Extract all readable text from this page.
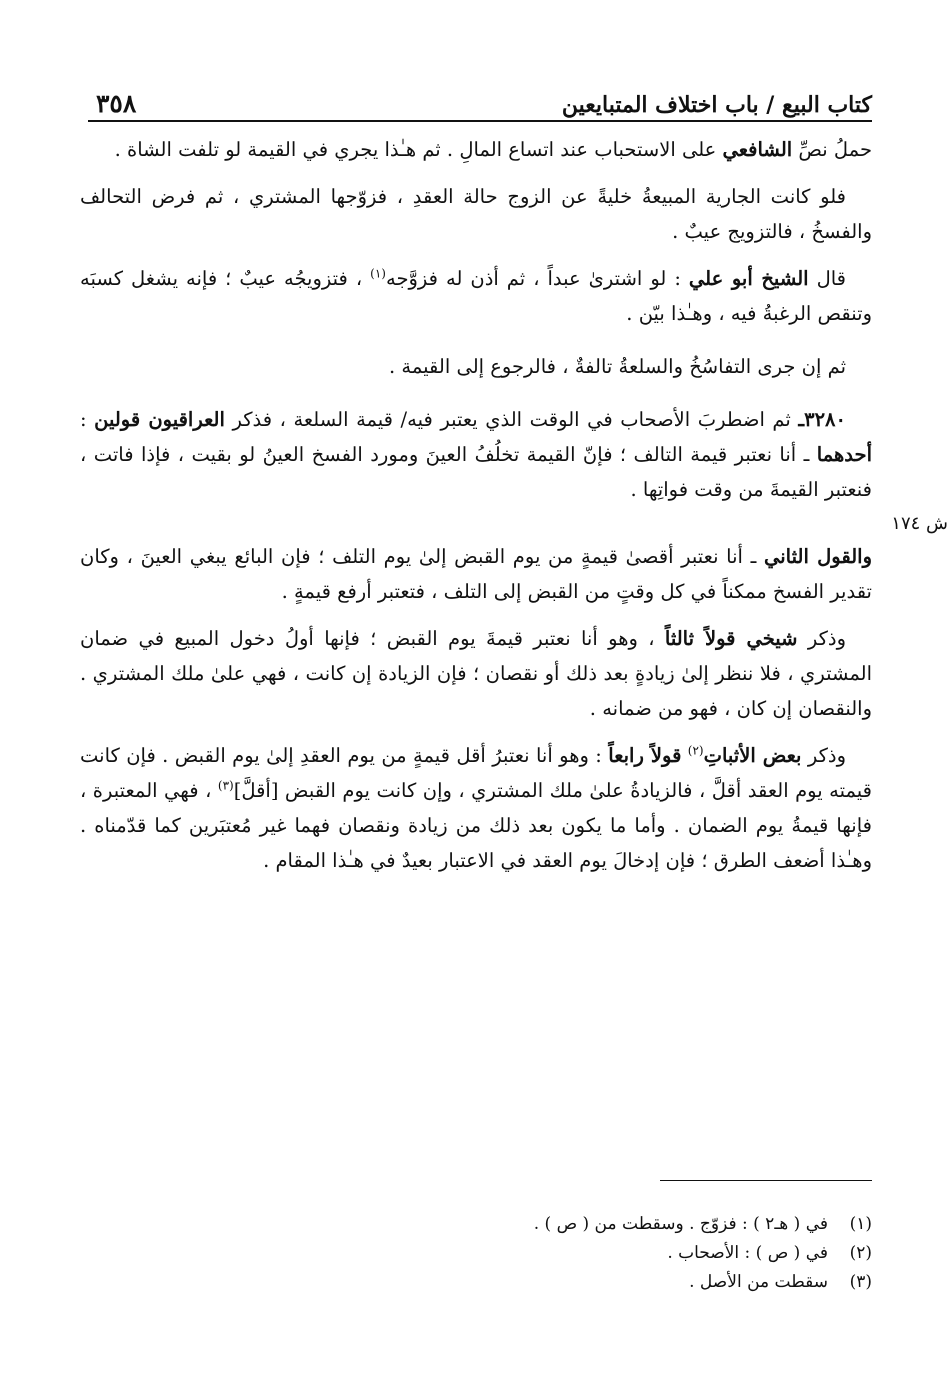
كتاب البيع / باب اختلاف المتبايعين
٣٥٨
ش ١٧٤

حملُ نصِّ الشافعي على الاستحباب عند اتساع المالِ . ثم هـٰذا يجري في القيمة لو تلفت الشاة .

فلو كانت الجارية المبيعةُ خليةً عن الزوج حالة العقدِ ، فزوّجها المشتري ، ثم فرض التحالف والفسخُ ، فالتزويج عيبٌ .

قال الشيخ أبو علي : لو اشترىٰ عبداً ، ثم أذن له فزوَّجه$^{(١)}$ ، فتزويجُه عيبٌ ؛ فإنه يشغل كسبَه وتنقص الرغبةُ فيه ، وهـٰذا بيّن .

ثم إن جرى التفاسُخُ والسلعةُ تالفةٌ ، فالرجوع إلى القيمة .

٣٢٨٠ـ ثم اضطربَ الأصحاب في الوقت الذي يعتبر فيه/ قيمة السلعة ، فذكر العراقيون قولين : أحدهما ـ أنا نعتبر قيمة التالف ؛ فإنّ القيمة تخلُفُ العينَ ومورد الفسخ العينُ لو بقيت ، فإذا فاتت ، فنعتبر القيمةَ من وقت فواتِها .

والقول الثاني ـ أنا نعتبر أقصىٰ قيمةٍ من يوم القبض إلىٰ يوم التلف ؛ فإن البائع يبغي العينَ ، وكان تقدير الفسخ ممكناً في كل وقتٍ من القبض إلى التلف ، فتعتبر أرفع قيمةٍ .

وذكر شيخي قولاً ثالثاً ، وهو أنا نعتبر قيمةَ يوم القبض ؛ فإنها أولُ دخول المبيع في ضمان المشتري ، فلا ننظر إلىٰ زيادةٍ بعد ذلك أو نقصان ؛ فإن الزيادة إن كانت ، فهي علىٰ ملك المشتري . والنقصان إن كان ، فهو من ضمانه .

وذكر بعض الأثباتِ$^{(٢)}$ قولاً رابعاً : وهو أنا نعتبرُ أقل قيمةٍ من يوم العقدِ إلىٰ يوم القبض . فإن كانت قيمته يوم العقد أقلَّ ، فالزيادةُ علىٰ ملك المشتري ، وإن كانت يوم القبض [أقلَّ]$^{(٣)}$ ، فهي المعتبرة ، فإنها قيمةُ يوم الضمان . وأما ما يكون بعد ذلك من زيادة ونقصان فهما غير مُعتبَرين كما قدّمناه . وهـٰذا أضعف الطرق ؛ فإن إدخالَ يوم العقد في الاعتبار بعيدٌ في هـٰذا المقام .

(١)
في ( هـ٢ ) : فزوّج . وسقطت من ( ص ) .
(٢)
في ( ص ) : الأصحاب .
(٣)
سقطت من الأصل .
